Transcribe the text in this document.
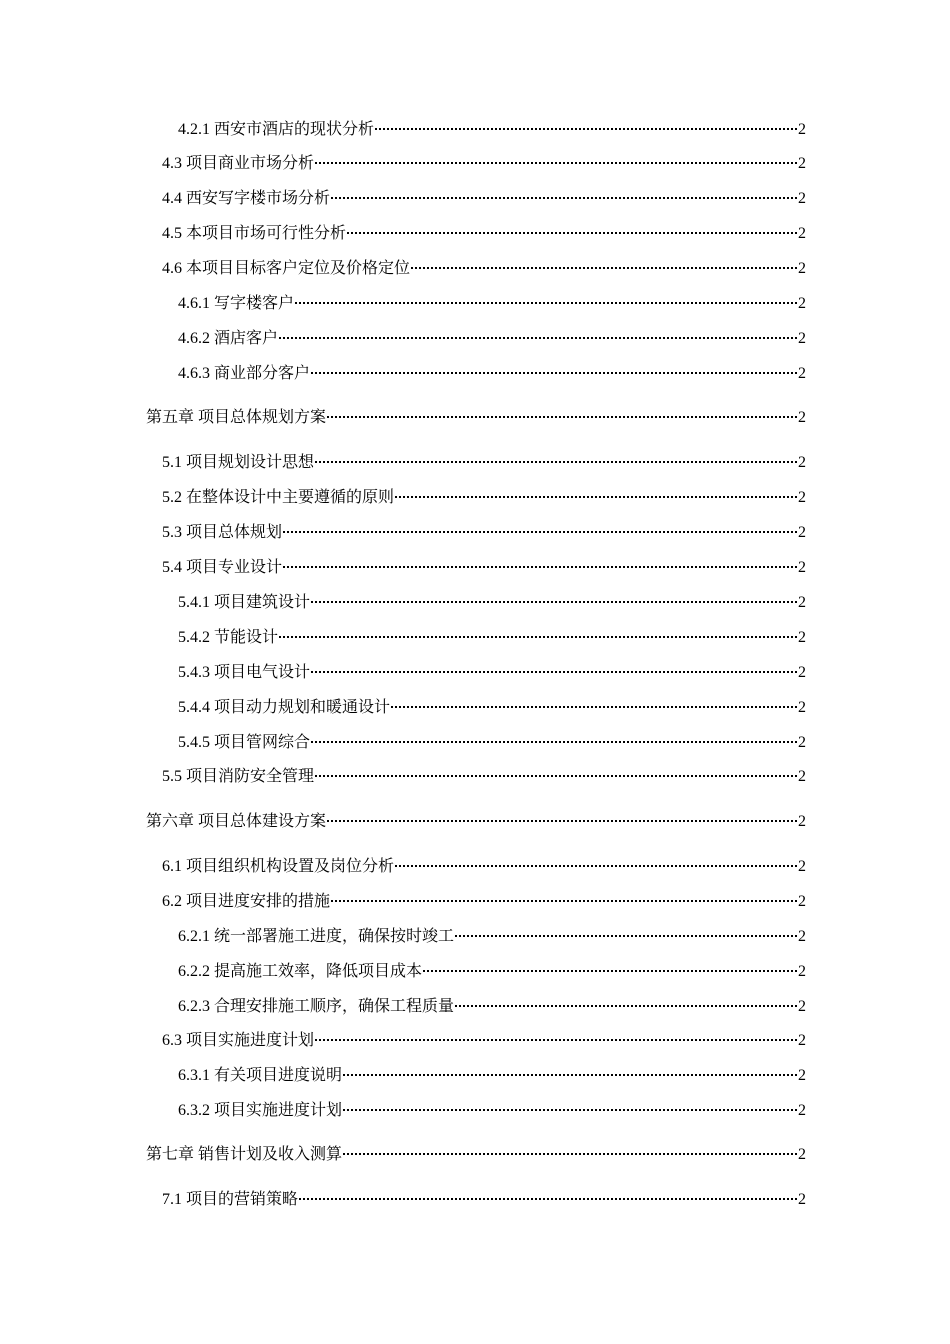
4.2.1 西安市酒店的现状分析	2
4.3 项目商业市场分析	2
4.4 西安写字楼市场分析	2
4.5 本项目市场可行性分析	2
4.6 本项目目标客户定位及价格定位	2
4.6.1 写字楼客户	2
4.6.2 酒店客户	2
4.6.3 商业部分客户	2
第五章 项目总体规划方案	2
5.1 项目规划设计思想	2
5.2 在整体设计中主要遵循的原则	2
5.3 项目总体规划	2
5.4 项目专业设计	2
5.4.1 项目建筑设计	2
5.4.2 节能设计	2
5.4.3 项目电气设计	2
5.4.4 项目动力规划和暖通设计	2
5.4.5 项目管网综合	2
5.5 项目消防安全管理	2
第六章 项目总体建设方案	2
6.1 项目组织机构设置及岗位分析	2
6.2 项目进度安排的措施	2
6.2.1 统一部署施工进度，确保按时竣工	2
6.2.2 提高施工效率，降低项目成本	2
6.2.3 合理安排施工顺序，确保工程质量	2
6.3 项目实施进度计划	2
6.3.1 有关项目进度说明	2
6.3.2 项目实施进度计划	2
第七章 销售计划及收入测算	2
7.1 项目的营销策略	2
